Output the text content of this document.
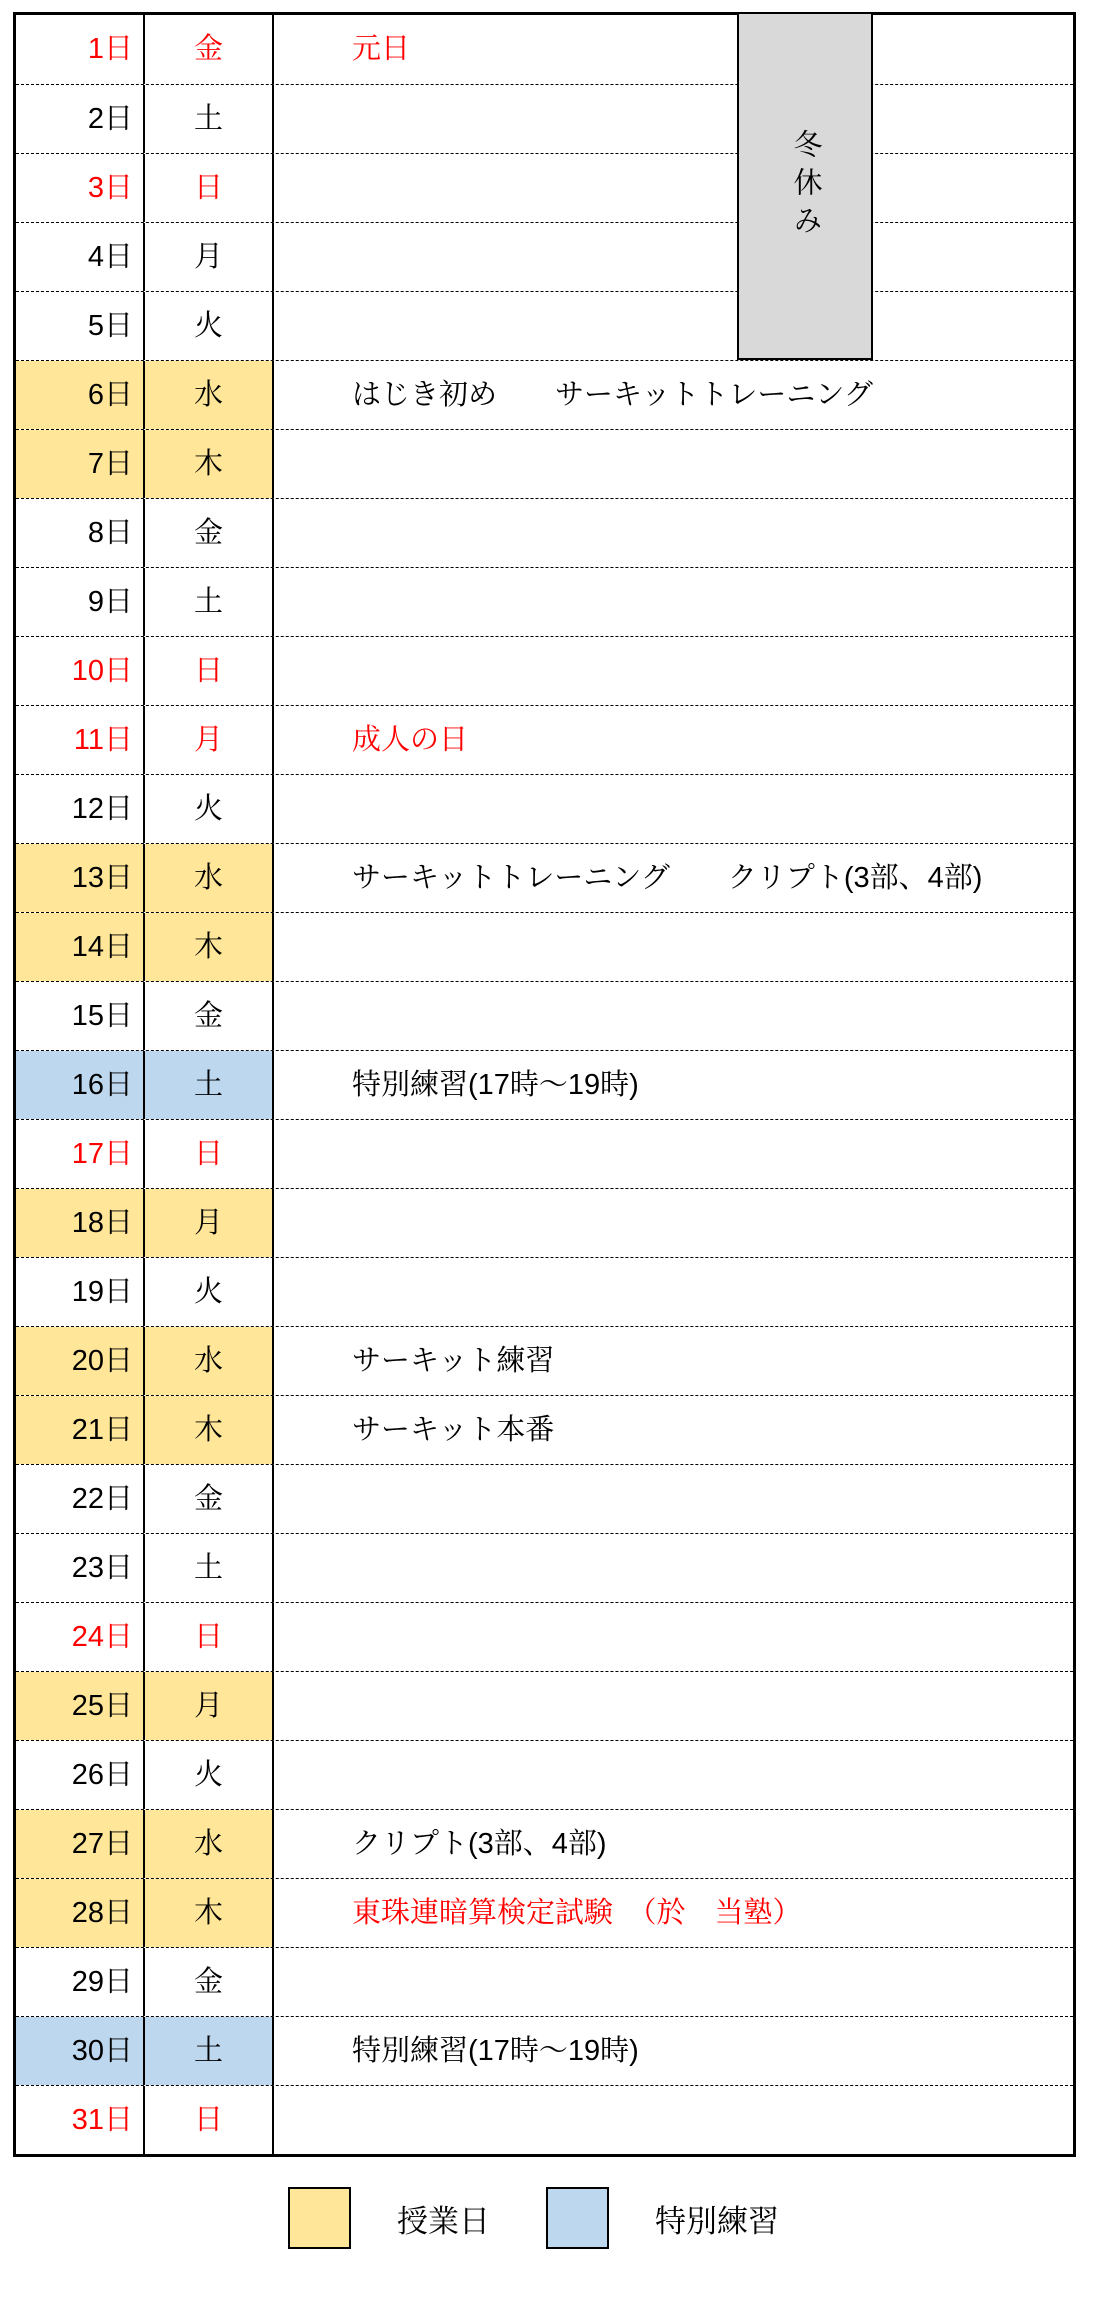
1日	金	元日
2日	土
3日	日
4日	月
5日	火
6日	水	はじき初め　　サーキットトレーニング
7日	木
8日	金
9日	土
10日	日
11日	月	成人の日
12日	火
13日	水	サーキットトレーニング　　クリプト(3部、4部)
14日	木
15日	金
16日	土	特別練習(17時～19時)
17日	日
18日	月
19日	火
20日	水	サーキット練習
21日	木	サーキット本番
22日	金
23日	土
24日	日
25日	月
26日	火
27日	水	クリプト(3部、4部)
28日	木	東珠連暗算検定試験　（於　当塾）
29日	金
30日	土	特別練習(17時～19時)
31日	日
冬休み
授業日	特別練習
